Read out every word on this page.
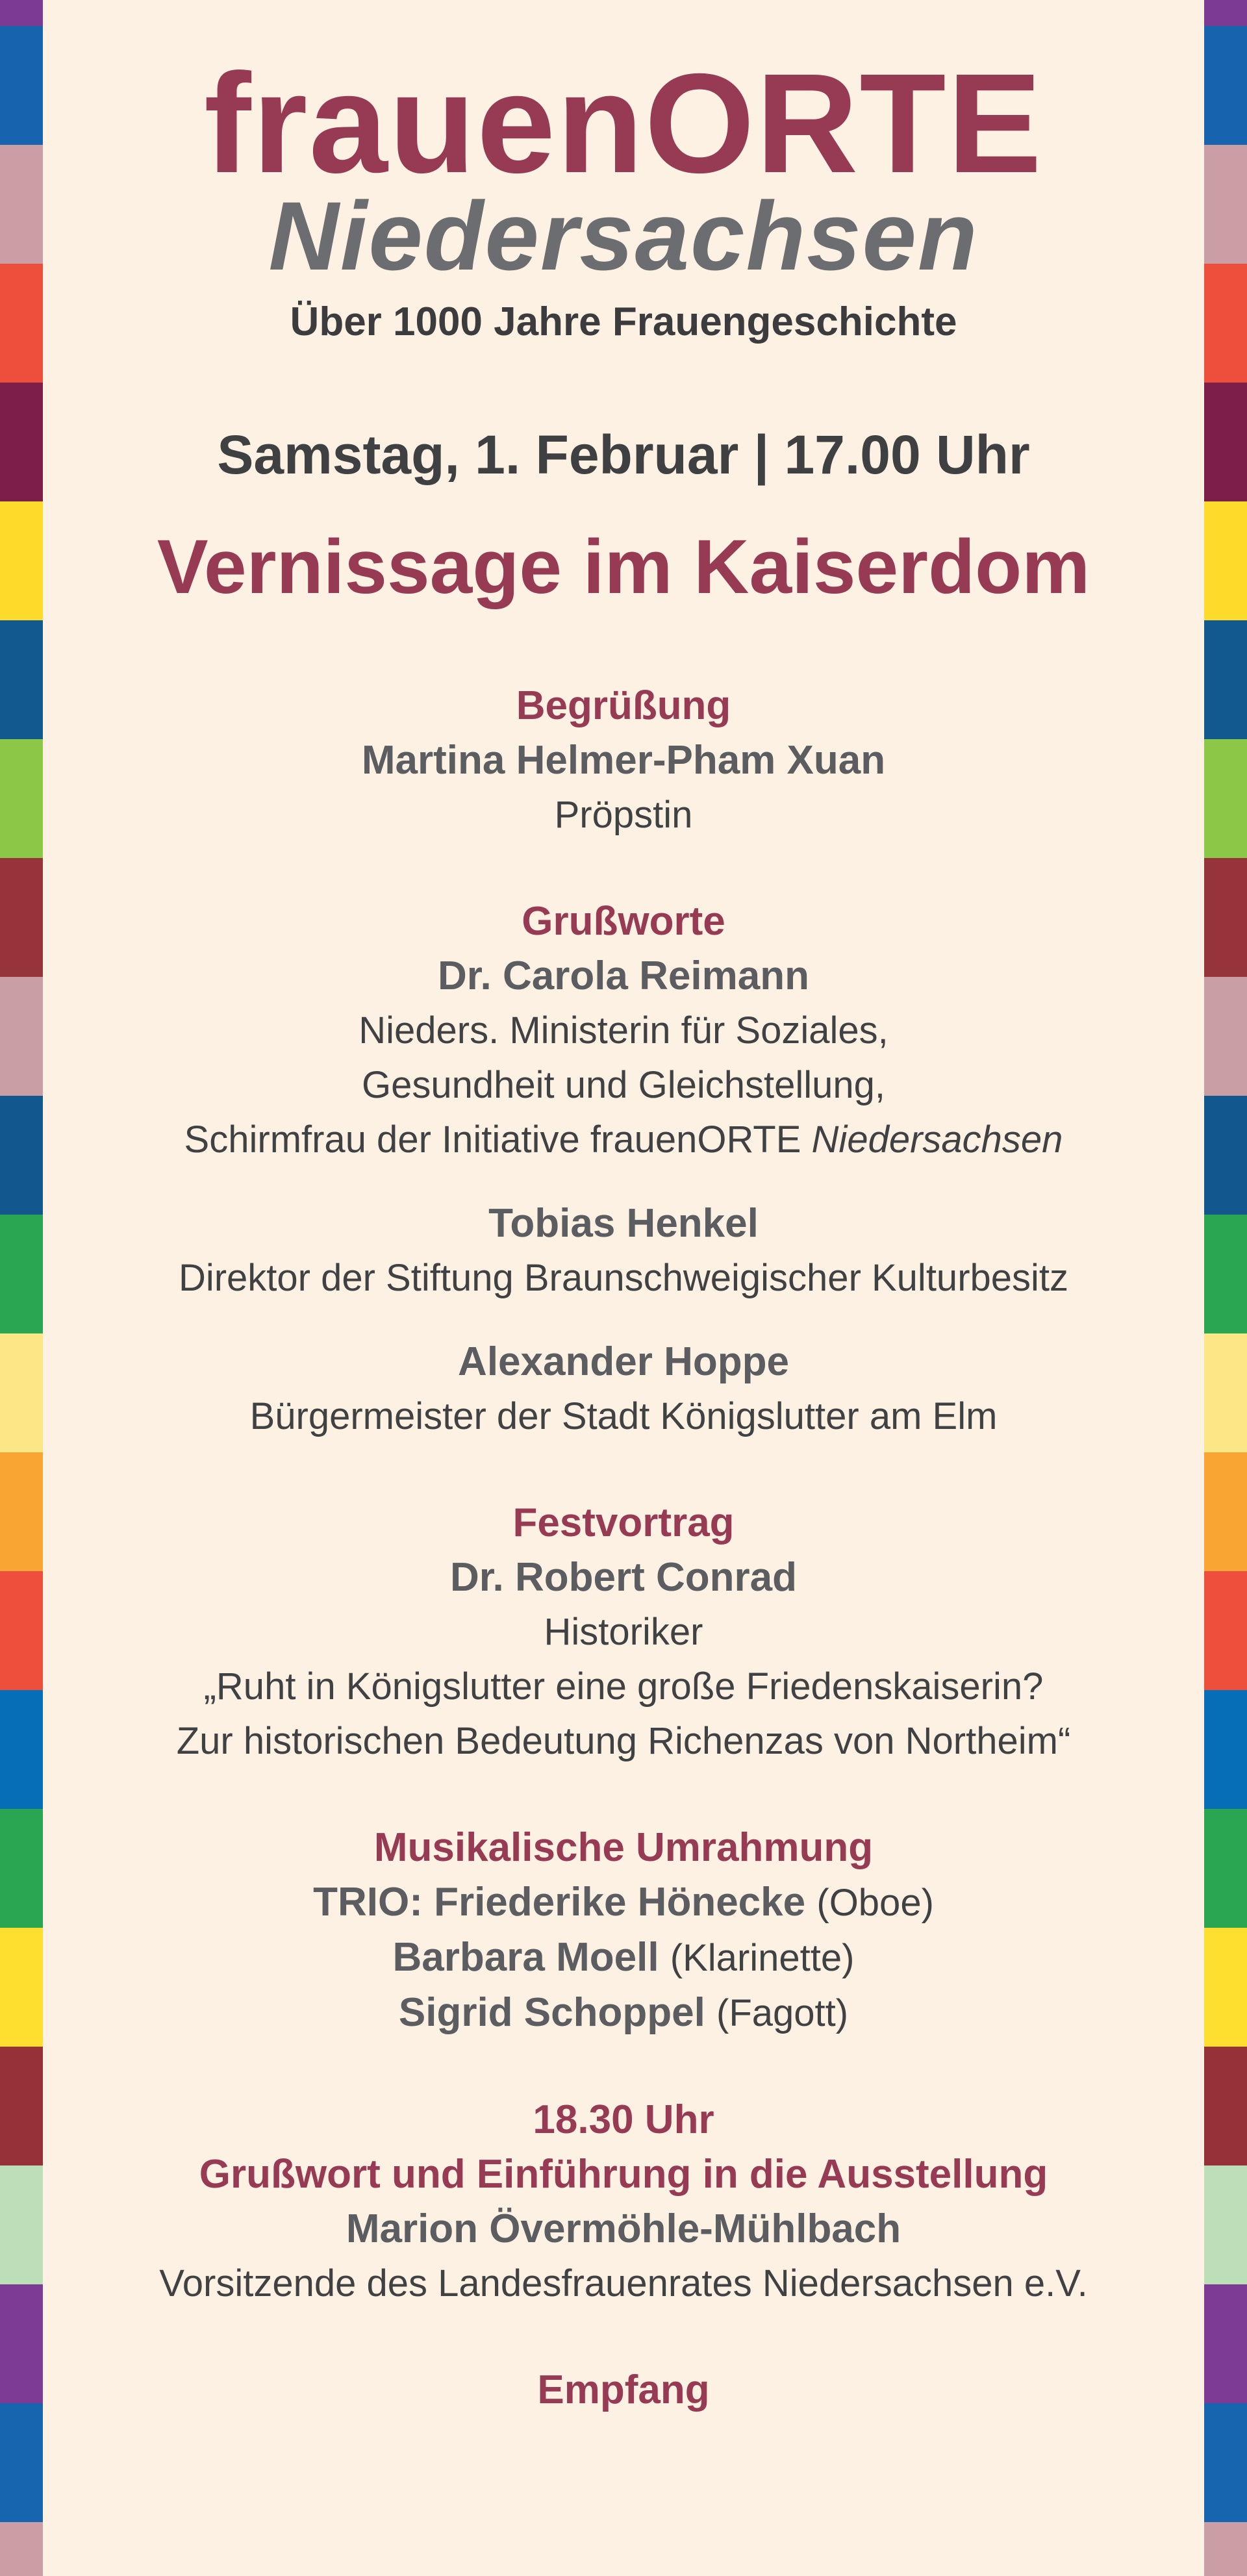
frauenORTE
Niedersachsen
Über 1000 Jahre Frauengeschichte
Samstag, 1. Februar | 17.00 Uhr
Vernissage im Kaiserdom
Begrüßung
Martina Helmer-Pham Xuan
Pröpstin
Grußworte
Dr. Carola Reimann
Nieders. Ministerin für Soziales,
Gesundheit und Gleichstellung,
Schirmfrau der Initiative frauenORTE Niedersachsen
Tobias Henkel
Direktor der Stiftung Braunschweigischer Kulturbesitz
Alexander Hoppe
Bürgermeister der Stadt Königslutter am Elm
Festvortrag
Dr. Robert Conrad
Historiker
„Ruht in Königslutter eine große Friedenskaiserin?
Zur historischen Bedeutung Richenzas von Northeim“
Musikalische Umrahmung
TRIO: Friederike Hönecke (Oboe)
Barbara Moell (Klarinette)
Sigrid Schoppel (Fagott)
18.30 Uhr
Grußwort und Einführung in die Ausstellung
Marion Övermöhle-Mühlbach
Vorsitzende des Landesfrauenrates Niedersachsen e.V.
Empfang
